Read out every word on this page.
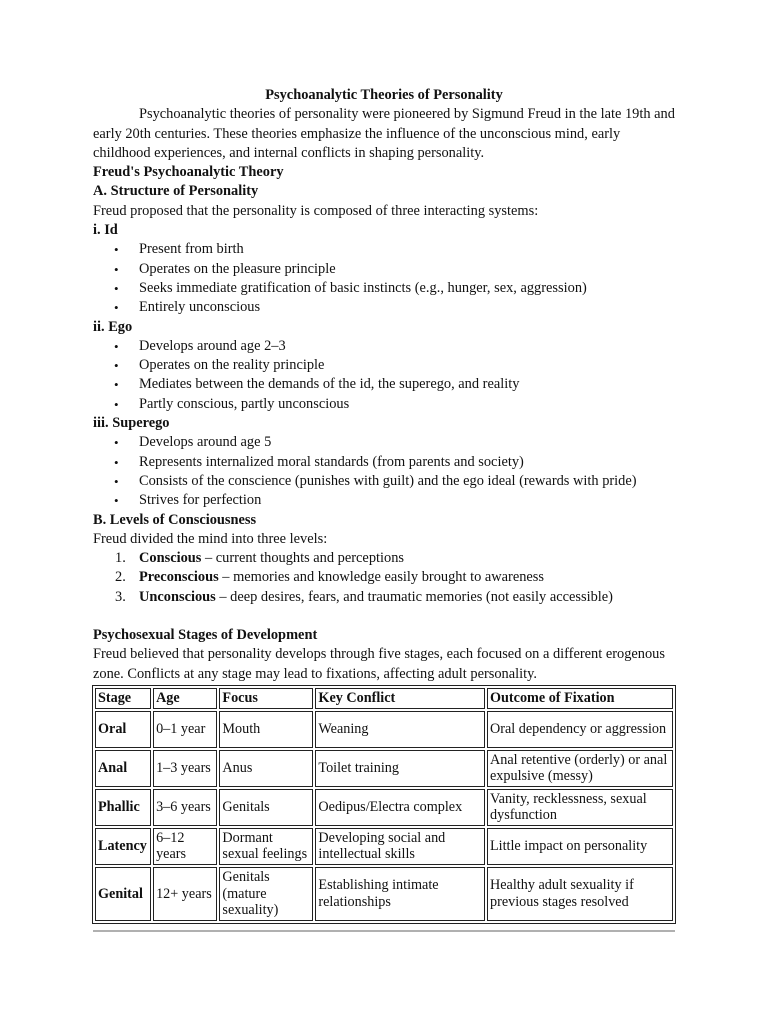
Psychoanalytic Theories of Personality

Psychoanalytic theories of personality were pioneered by Sigmund Freud in the late 19th and early 20th centuries. These theories emphasize the influence of the unconscious mind, early childhood experiences, and internal conflicts in shaping personality.

Freud's Psychoanalytic Theory

A. Structure of Personality

Freud proposed that the personality is composed of three interacting systems:

i. Id

• Present from birth
• Operates on the pleasure principle
• Seeks immediate gratification of basic instincts (e.g., hunger, sex, aggression)
• Entirely unconscious

ii. Ego

• Develops around age 2–3
• Operates on the reality principle
• Mediates between the demands of the id, the superego, and reality
• Partly conscious, partly unconscious

iii. Superego

• Develops around age 5
• Represents internalized moral standards (from parents and society)
• Consists of the conscience (punishes with guilt) and the ego ideal (rewards with pride)
• Strives for perfection

B. Levels of Consciousness

Freud divided the mind into three levels:

1. Conscious – current thoughts and perceptions
2. Preconscious – memories and knowledge easily brought to awareness
3. Unconscious – deep desires, fears, and traumatic memories (not easily accessible)

Psychosexual Stages of Development

Freud believed that personality develops through five stages, each focused on a different erogenous zone. Conflicts at any stage may lead to fixations, affecting adult personality.

Stage	Age	Focus	Key Conflict	Outcome of Fixation
Oral	0–1 year	Mouth	Weaning	Oral dependency or aggression
Anal	1–3 years	Anus	Toilet training	Anal retentive (orderly) or anal expulsive (messy)
Phallic	3–6 years	Genitals	Oedipus/Electra complex	Vanity, recklessness, sexual dysfunction
Latency	6–12 years	Dormant sexual feelings	Developing social and intellectual skills	Little impact on personality
Genital	12+ years	Genitals (mature sexuality)	Establishing intimate relationships	Healthy adult sexuality if previous stages resolved
